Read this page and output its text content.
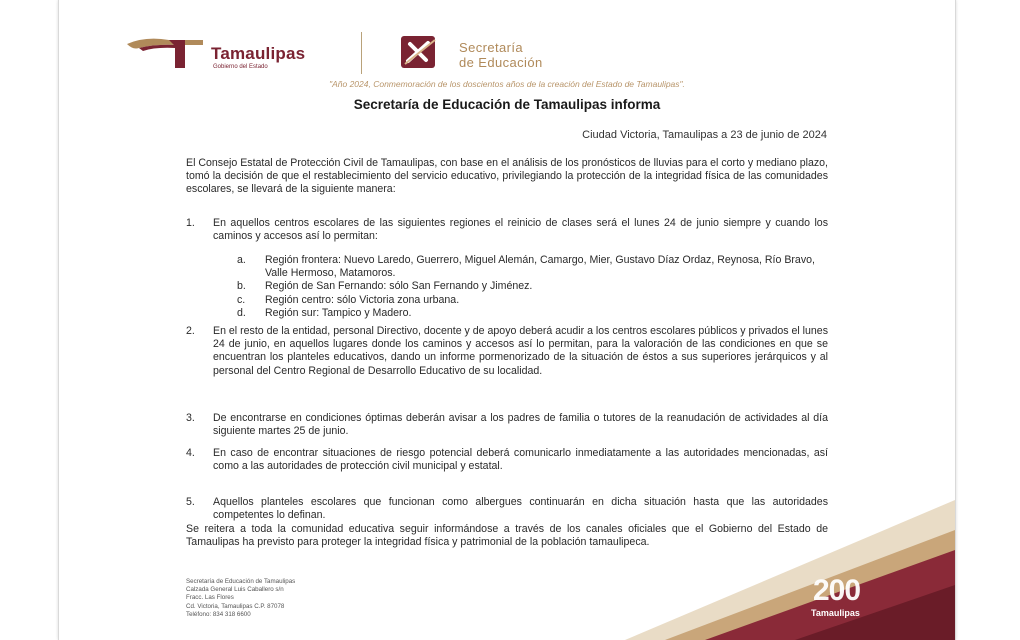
Tamaulipas
Gobierno del Estado
Secretaría
de Educación
"Año 2024, Conmemoración de los doscientos años de la creación del Estado de Tamaulipas".
Secretaría de Educación de Tamaulipas informa
Ciudad Victoria, Tamaulipas a 23 de junio de 2024
El Consejo Estatal de Protección Civil de Tamaulipas, con base en el análisis de los pronósticos de lluvias para el corto y mediano plazo, tomó la decisión de que el restablecimiento del servicio educativo, privilegiando la protección de la integridad física de las comunidades escolares, se llevará de la siguiente manera:
1.	En aquellos centros escolares de las siguientes regiones el reinicio de clases será el lunes 24 de junio siempre y cuando los caminos y accesos así lo permitan:
a. Región frontera: Nuevo Laredo, Guerrero, Miguel Alemán, Camargo, Mier, Gustavo Díaz Ordaz, Reynosa, Río Bravo, Valle Hermoso, Matamoros.
b. Región de San Fernando: sólo San Fernando y Jiménez.
c. Región centro: sólo Victoria zona urbana.
d. Región sur: Tampico y Madero.
2.	En el resto de la entidad, personal Directivo, docente y de apoyo deberá acudir a los centros escolares públicos y privados el lunes 24 de junio, en aquellos lugares donde los caminos y accesos así lo permitan, para la valoración de las condiciones en que se encuentran los planteles educativos, dando un informe pormenorizado de la situación de éstos a sus superiores jerárquicos y al personal del Centro Regional de Desarrollo Educativo de su localidad.
3.	De encontrarse en condiciones óptimas deberán avisar a los padres de familia o tutores de la reanudación de actividades al día siguiente martes 25 de junio.
4.	En caso de encontrar situaciones de riesgo potencial deberá comunicarlo inmediatamente a las autoridades mencionadas, así como a las autoridades de protección civil municipal y estatal.
5.	Aquellos planteles escolares que funcionan como albergues continuarán en dicha situación hasta que las autoridades competentes lo definan.
Se reitera a toda la comunidad educativa seguir informándose a través de los canales oficiales que el Gobierno del Estado de Tamaulipas ha previsto para proteger la integridad física y patrimonial de la población tamaulipeca.
Secretaría de Educación de Tamaulipas
Calzada General Luis Caballero s/n
Fracc. Las Flores
Cd. Victoria, Tamaulipas C.P. 87078
Teléfono: 834 318 6600
200
Tamaulipas
